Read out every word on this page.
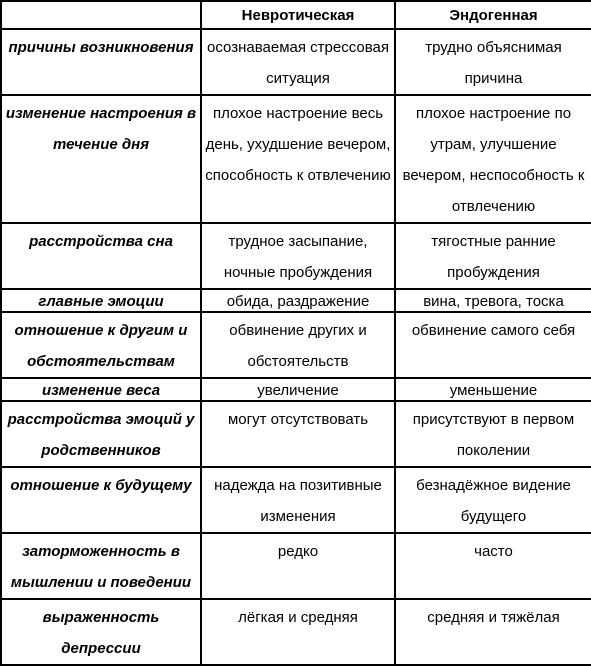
	Невротическая	Эндогенная
причины возникновения	осознаваемая стрессовая ситуация	трудно объяснимая причина
изменение настроения в течение дня	плохое настроение весь день, ухудшение вечером, способность к отвлечению	плохое настроение по утрам, улучшение вечером, неспособность к отвлечению
расстройства сна	трудное засыпание, ночные пробуждения	тягостные ранние пробуждения
главные эмоции	обида, раздражение	вина, тревога, тоска
отношение к другим и обстоятельствам	обвинение других и обстоятельств	обвинение самого себя
изменение веса	увеличение	уменьшение
расстройства эмоций у родственников	могут отсутствовать	присутствуют в первом поколении
отношение к будущему	надежда на позитивные изменения	безнадёжное видение будущего
заторможенность в мышлении и поведении	редко	часто
выраженность депрессии	лёгкая и средняя	средняя и тяжёлая
